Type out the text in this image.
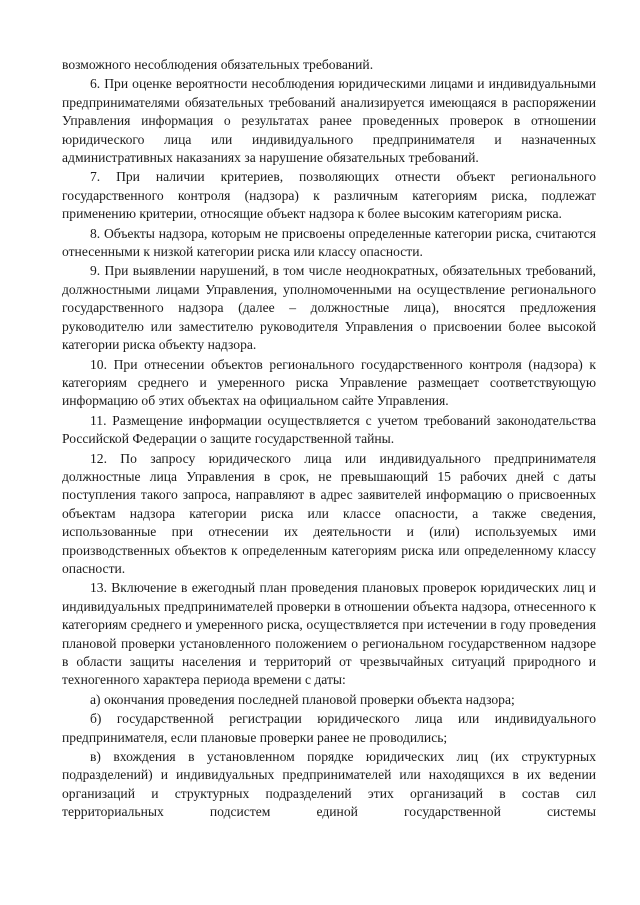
возможного несоблюдения обязательных требований.

6. При оценке вероятности несоблюдения юридическими лицами и индивидуальными предпринимателями обязательных требований анализируется имеющаяся в распоряжении Управления информация о результатах ранее проведенных проверок в отношении юридического лица или индивидуального предпринимателя и назначенных административных наказаниях за нарушение обязательных требований.

7. При наличии критериев, позволяющих отнести объект регионального государственного контроля (надзора) к различным категориям риска, подлежат применению критерии, относящие объект надзора к более высоким категориям риска.

8. Объекты надзора, которым не присвоены определенные категории риска, считаются отнесенными к низкой категории риска или классу опасности.

9. При выявлении нарушений, в том числе неоднократных, обязательных требований, должностными лицами Управления, уполномоченными на осуществление регионального государственного надзора (далее – должностные лица), вносятся предложения руководителю или заместителю руководителя Управления о присвоении более высокой категории риска объекту надзора.

10. При отнесении объектов регионального государственного контроля (надзора) к категориям среднего и умеренного риска Управление размещает соответствующую информацию об этих объектах на официальном сайте Управления.

11. Размещение информации осуществляется с учетом требований законодательства Российской Федерации о защите государственной тайны.

12. По запросу юридического лица или индивидуального предпринимателя должностные лица Управления в срок, не превышающий 15 рабочих дней с даты поступления такого запроса, направляют в адрес заявителей информацию о присвоенных объектам надзора категории риска или классе опасности, а также сведения, использованные при отнесении их деятельности и (или) используемых ими производственных объектов к определенным категориям риска или определенному классу опасности.

13. Включение в ежегодный план проведения плановых проверок юридических лиц и индивидуальных предпринимателей проверки в отношении объекта надзора, отнесенного к категориям среднего и умеренного риска, осуществляется при истечении в году проведения плановой проверки установленного положением о региональном государственном надзоре в области защиты населения и территорий от чрезвычайных ситуаций природного и техногенного характера периода времени с даты:

а) окончания проведения последней плановой проверки объекта надзора;

б) государственной регистрации юридического лица или индивидуального предпринимателя, если плановые проверки ранее не проводились;

в) вхождения в установленном порядке юридических лиц (их структурных подразделений) и индивидуальных предпринимателей или находящихся в их ведении организаций и структурных подразделений этих организаций в состав сил территориальных подсистем единой государственной системы
